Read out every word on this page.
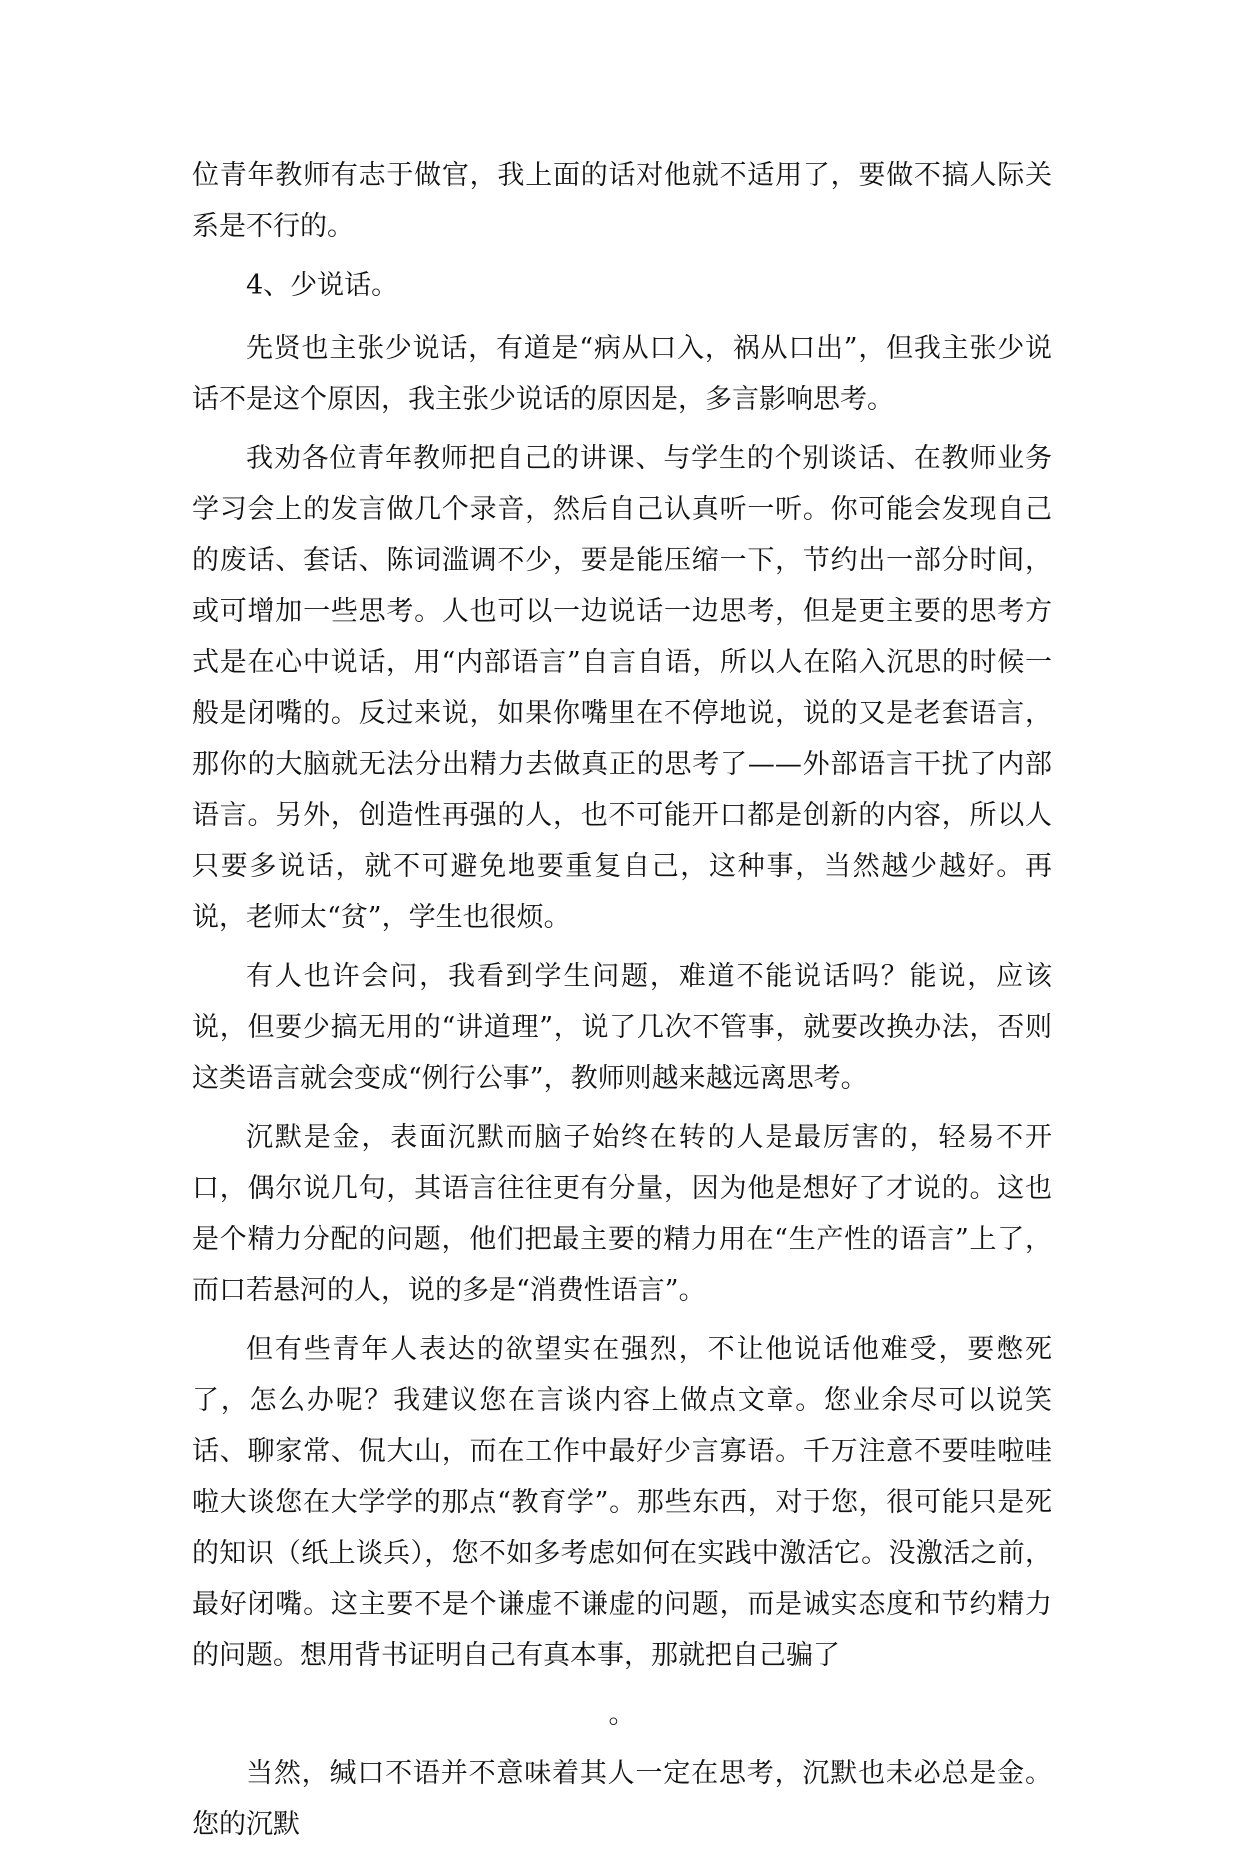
位青年教师有志于做官，我上面的话对他就不适用了，要做不搞人际关系是不行的。

4、少说话。

先贤也主张少说话，有道是“病从口入，祸从口出”，但我主张少说话不是这个原因，我主张少说话的原因是，多言影响思考。

我劝各位青年教师把自己的讲课、与学生的个别谈话、在教师业务学习会上的发言做几个录音，然后自己认真听一听。你可能会发现自己的废话、套话、陈词滥调不少，要是能压缩一下，节约出一部分时间，或可增加一些思考。人也可以一边说话一边思考，但是更主要的思考方式是在心中说话，用“内部语言”自言自语，所以人在陷入沉思的时候一般是闭嘴的。反过来说，如果你嘴里在不停地说，说的又是老套语言，那你的大脑就无法分出精力去做真正的思考了——外部语言干扰了内部语言。另外，创造性再强的人，也不可能开口都是创新的内容，所以人只要多说话，就不可避免地要重复自己，这种事，当然越少越好。再说，老师太“贫”，学生也很烦。

有人也许会问，我看到学生问题，难道不能说话吗？能说，应该说，但要少搞无用的“讲道理”，说了几次不管事，就要改换办法，否则这类语言就会变成“例行公事”，教师则越来越远离思考。

沉默是金，表面沉默而脑子始终在转的人是最厉害的，轻易不开口，偶尔说几句，其语言往往更有分量，因为他是想好了才说的。这也是个精力分配的问题，他们把最主要的精力用在“生产性的语言”上了，而口若悬河的人，说的多是“消费性语言”。

但有些青年人表达的欲望实在强烈，不让他说话他难受，要憋死了，怎么办呢？我建议您在言谈内容上做点文章。您业余尽可以说笑话、聊家常、侃大山，而在工作中最好少言寡语。千万注意不要哇啦哇啦大谈您在大学学的那点“教育学”。那些东西，对于您，很可能只是死的知识（纸上谈兵），您不如多考虑如何在实践中激活它。没激活之前，最好闭嘴。这主要不是个谦虚不谦虚的问题，而是诚实态度和节约精力的问题。想用背书证明自己有真本事，那就把自己骗了

。

当然，缄口不语并不意味着其人一定在思考，沉默也未必总是金。您的沉默
